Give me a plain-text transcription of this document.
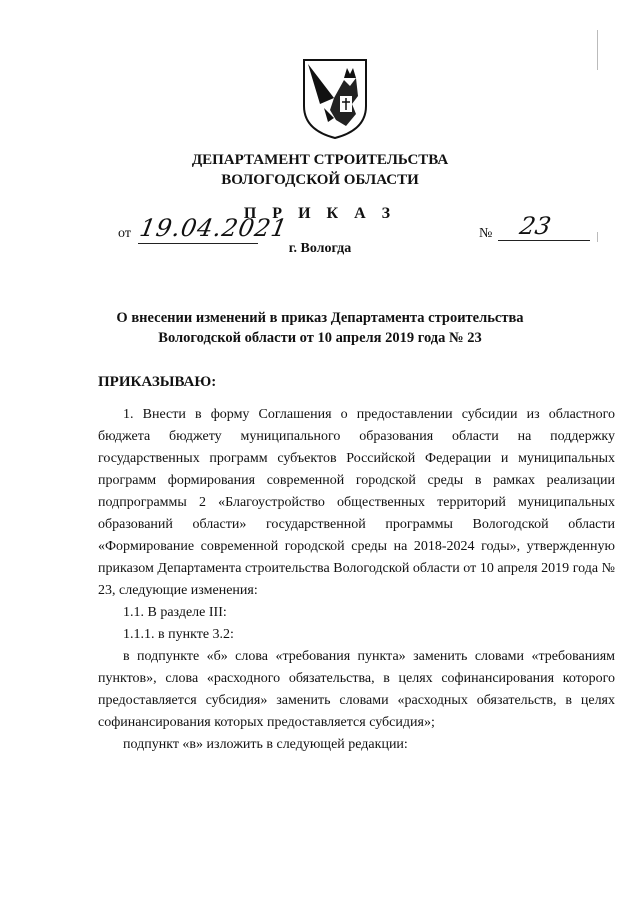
ДЕПАРТАМЕНТ СТРОИТЕЛЬСТВА
ВОЛОГОДСКОЙ ОБЛАСТИ
П Р И К А З
от 19.04.2021	№ 23
г. Вологда
О внесении изменений в приказ Департамента строительства
Вологодской области от 10 апреля 2019 года № 23
ПРИКАЗЫВАЮ:

1. Внести в форму Соглашения о предоставлении субсидии из областного бюджета бюджету муниципального образования области на поддержку государственных программ субъектов Российской Федерации и муниципальных программ формирования современной городской среды в рамках реализации подпрограммы 2 «Благоустройство общественных территорий муниципальных образований области» государственной программы Вологодской области «Формирование современной городской среды на 2018-2024 годы», утвержденную приказом Департамента строительства Вологодской области от 10 апреля 2019 года № 23, следующие изменения:

1.1. В разделе III:

1.1.1. в пункте 3.2:

в подпункте «б» слова «требования пункта» заменить словами «требованиям пунктов», слова «расходного обязательства, в целях софинансирования которого предоставляется субсидия» заменить словами «расходных обязательств, в целях софинансирования которых предоставляется субсидия»;

подпункт «в» изложить в следующей редакции:
